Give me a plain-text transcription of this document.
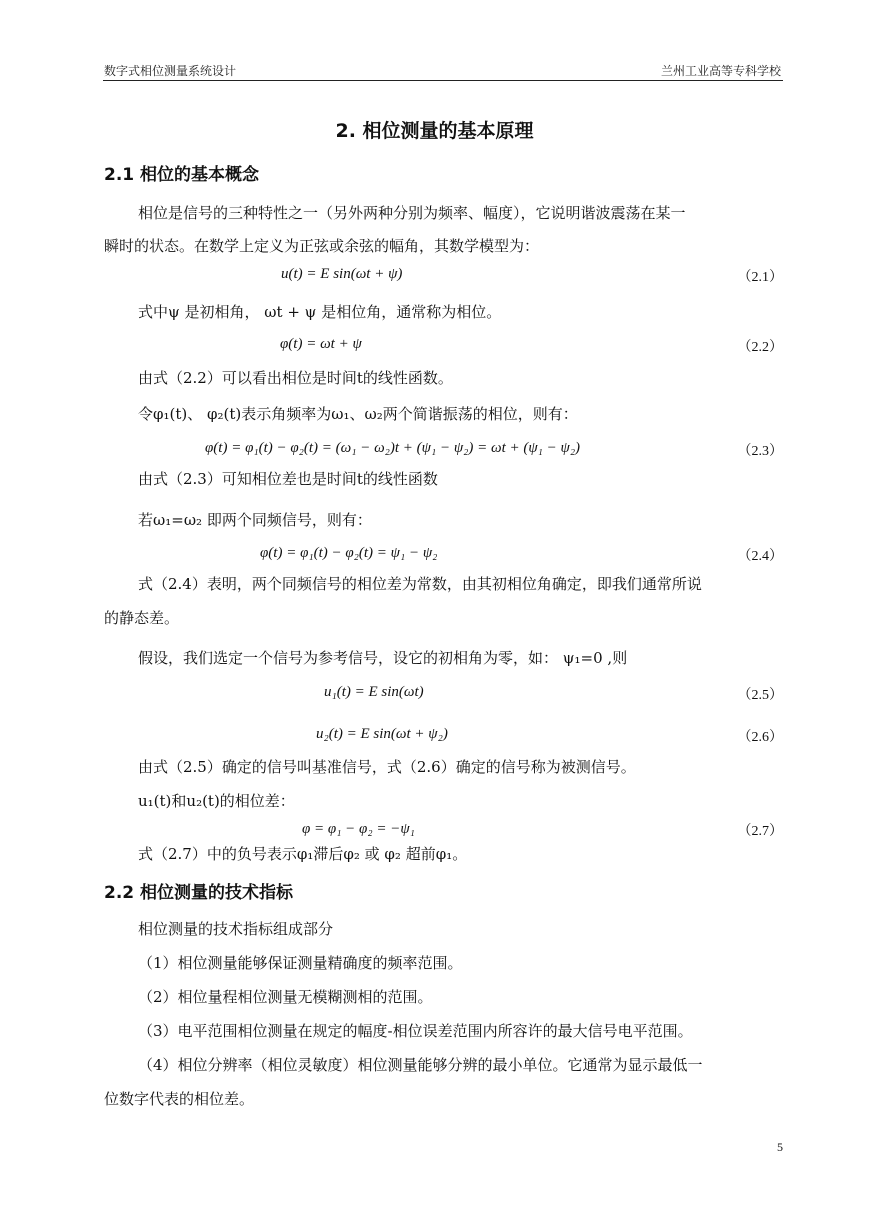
数字式相位测量系统设计	兰州工业高等专科学校
2. 相位测量的基本原理
2.1 相位的基本概念
相位是信号的三种特性之一（另外两种分别为频率、幅度），它说明谐波震荡在某一
瞬时的状态。在数学上定义为正弦或余弦的幅角，其数学模型为：
u(t) = E sin(ωt + ψ)	（2.1）
式中ψ 是初相角， ωt + ψ 是相位角，通常称为相位。
φ(t) = ωt + ψ	（2.2）
由式（2.2）可以看出相位是时间t的线性函数。
令φ₁(t)、 φ₂(t)表示角频率为ω₁、ω₂两个简谐振荡的相位，则有：
φ(t) = φ₁(t) − φ₂(t) = (ω₁ − ω₂)t + (ψ₁ − ψ₂) = ωt + (ψ₁ − ψ₂)	（2.3）
由式（2.3）可知相位差也是时间t的线性函数
若ω₁=ω₂ 即两个同频信号，则有：
φ(t) = φ₁(t) − φ₂(t) = ψ₁ − ψ₂	（2.4）
式（2.4）表明，两个同频信号的相位差为常数，由其初相位角确定，即我们通常所说
的静态差。
假设，我们选定一个信号为参考信号，设它的初相角为零，如： ψ₁=0 ,则
u₁(t) = E sin(ωt)	（2.5）
u₂(t) = E sin(ωt + ψ₂)	（2.6）
由式（2.5）确定的信号叫基准信号，式（2.6）确定的信号称为被测信号。
u₁(t)和u₂(t)的相位差：
φ = φ₁ − φ₂ = −ψ₁	（2.7）
式（2.7）中的负号表示φ₁滞后φ₂ 或 φ₂ 超前φ₁。
2.2 相位测量的技术指标
相位测量的技术指标组成部分
（1）相位测量能够保证测量精确度的频率范围。
（2）相位量程相位测量无模糊测相的范围。
（3）电平范围相位测量在规定的幅度-相位误差范围内所容许的最大信号电平范围。
（4）相位分辨率（相位灵敏度）相位测量能够分辨的最小单位。它通常为显示最低一
位数字代表的相位差。
5
